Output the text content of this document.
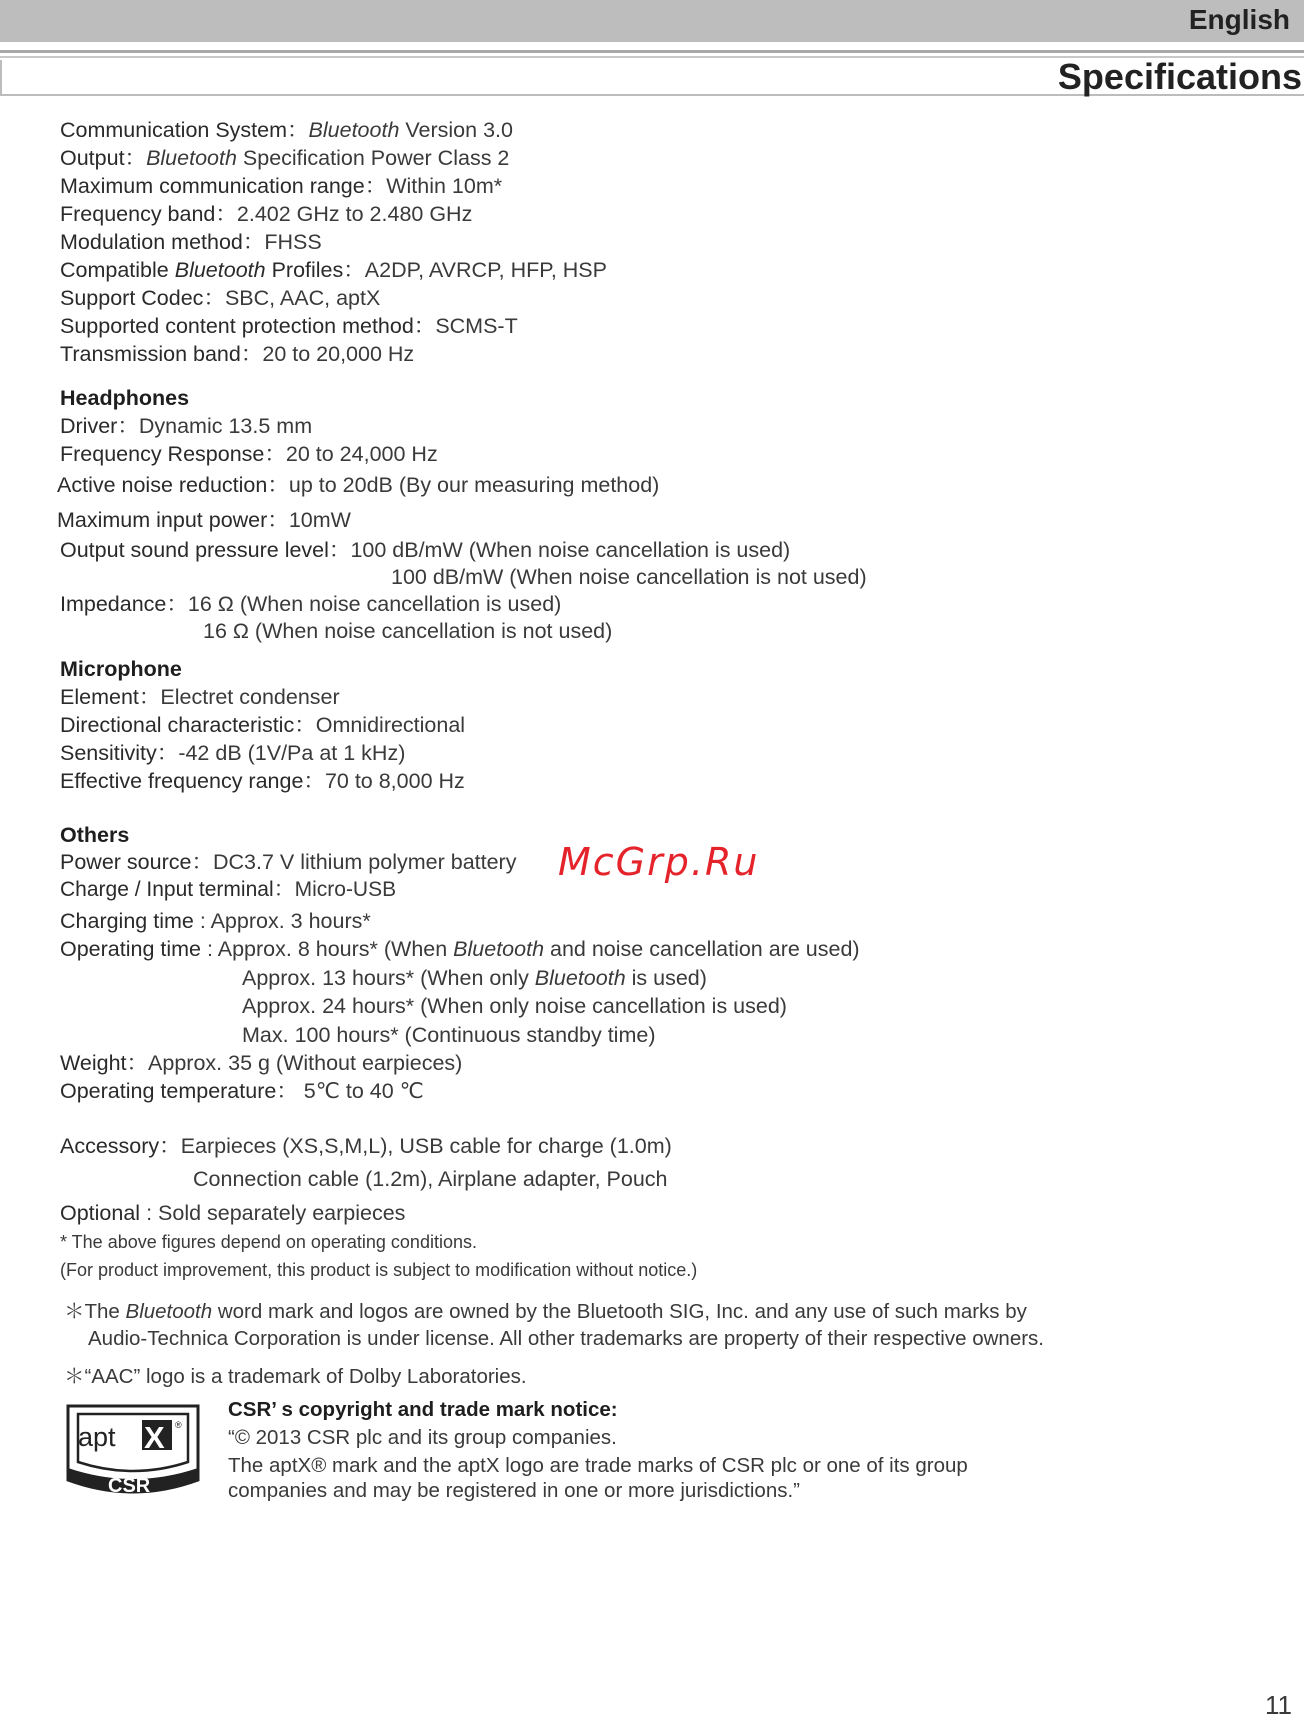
English
Specifications
Communication System：Bluetooth Version 3.0
Output：Bluetooth Specification Power Class 2
Maximum communication range：Within 10m*
Frequency band：2.402 GHz to 2.480 GHz
Modulation method：FHSS
Compatible Bluetooth Profiles：A2DP, AVRCP, HFP, HSP
Support Codec：SBC, AAC, aptX
Supported content protection method：SCMS-T
Transmission band：20 to 20,000 Hz
Headphones
Driver：Dynamic 13.5 mm
Frequency Response：20 to 24,000 Hz
Active noise reduction：up to 20dB (By our measuring method)
Maximum input power：10mW
Output sound pressure level：100 dB/mW (When noise cancellation is used)
100 dB/mW (When noise cancellation is not used)
Impedance：16 Ω (When noise cancellation is used)
16 Ω (When noise cancellation is not used)
Microphone
Element：Electret condenser
Directional characteristic：Omnidirectional
Sensitivity：-42 dB (1V/Pa at 1 kHz)
Effective frequency range：70 to 8,000 Hz
Others
Power source：DC3.7 V lithium polymer battery
Charge / Input terminal：Micro-USB
Charging time : Approx. 3 hours*
Operating time : Approx. 8 hours* (When Bluetooth and noise cancellation are used)
Approx. 13 hours* (When only Bluetooth is used)
Approx. 24 hours* (When only noise cancellation is used)
Max. 100 hours* (Continuous standby time)
Weight：Approx. 35 g (Without earpieces)
Operating temperature： 5℃ to 40 ℃
Accessory：Earpieces (XS,S,M,L), USB cable for charge (1.0m)
Connection cable (1.2m), Airplane adapter, Pouch
Optional : Sold separately earpieces
* The above figures depend on operating conditions.
(For product improvement, this product is subject to modification without notice.)
＊The Bluetooth word mark and logos are owned by the Bluetooth SIG, Inc. and any use of such marks by
Audio-Technica Corporation is under license. All other trademarks are property of their respective owners.
＊“AAC” logo is a trademark of Dolby Laboratories.
apt X ®
CSR
CSR’ s copyright and trade mark notice:
“© 2013 CSR plc and its group companies.
The aptX® mark and the aptX logo are trade marks of CSR plc or one of its group
companies and may be registered in one or more jurisdictions.”
McGrp.Ru
11
